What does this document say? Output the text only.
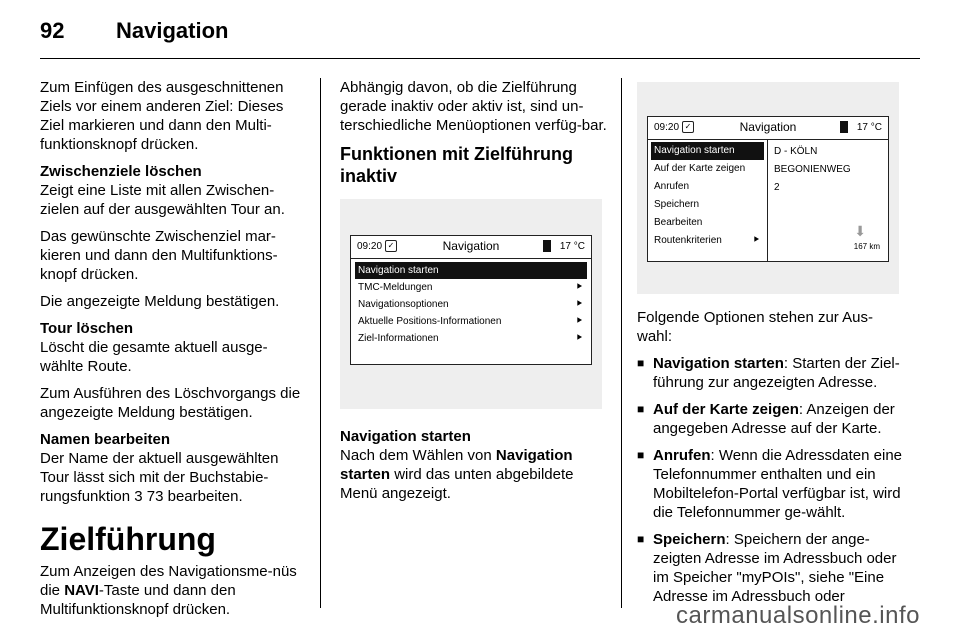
92 Navigation

Zum Einfügen des ausgeschnittenen Ziels vor einem anderen Ziel: Dieses Ziel markieren und dann den Multi-funktionsknopf drücken.

Zwischenziele löschen

Zeigt eine Liste mit allen Zwischen-zielen auf der ausgewählten Tour an.

Das gewünschte Zwischenziel mar-kieren und dann den Multifunktions-knopf drücken.

Die angezeigte Meldung bestätigen.

Tour löschen

Löscht die gesamte aktuell ausge-wählte Route.

Zum Ausführen des Löschvorgangs die angezeigte Meldung bestätigen.

Namen bearbeiten

Der Name der aktuell ausgewählten Tour lässt sich mit der Buchstabie-rungsfunktion 3 73 bearbeiten.

Zielführung

Zum Anzeigen des Navigationsme-nüs die NAVI-Taste und dann den Multifunktionsknopf drücken.

Abhängig davon, ob die Zielführung gerade inaktiv oder aktiv ist, sind un-terschiedliche Menüoptionen verfüg-bar.

Funktionen mit Zielführung inaktiv
09:20 ✓	Navigation	17 °C
Navigation starten
TMC-Meldungen	⯈
Navigationsoptionen	⯈
Aktuelle Positions-Informationen	⯈
Ziel-Informationen	⯈
Navigation starten

Nach dem Wählen von Navigation starten wird das unten abgebildete Menü angezeigt.

09:20 ✓	Navigation	17 °C
Navigation starten
Auf der Karte zeigen
Anrufen
Speichern
Bearbeiten
Routenkriterien	⯈
D - KÖLN
BEGONIENWEG
2
⬇
167 km

Folgende Optionen stehen zur Aus-wahl:

■ Navigation starten: Starten der Ziel-führung zur angezeigten Adresse.
■ Auf der Karte zeigen: Anzeigen der angegeben Adresse auf der Karte.
■ Anrufen: Wenn die Adressdaten eine Telefonnummer enthalten und ein Mobiltelefon-Portal verfügbar ist, wird die Telefonnummer ge-wählt.
■ Speichern: Speichern der ange-zeigten Adresse im Adressbuch oder im Speicher "myPOIs", siehe "Eine Adresse im Adressbuch oder
carmanualsonline.info
